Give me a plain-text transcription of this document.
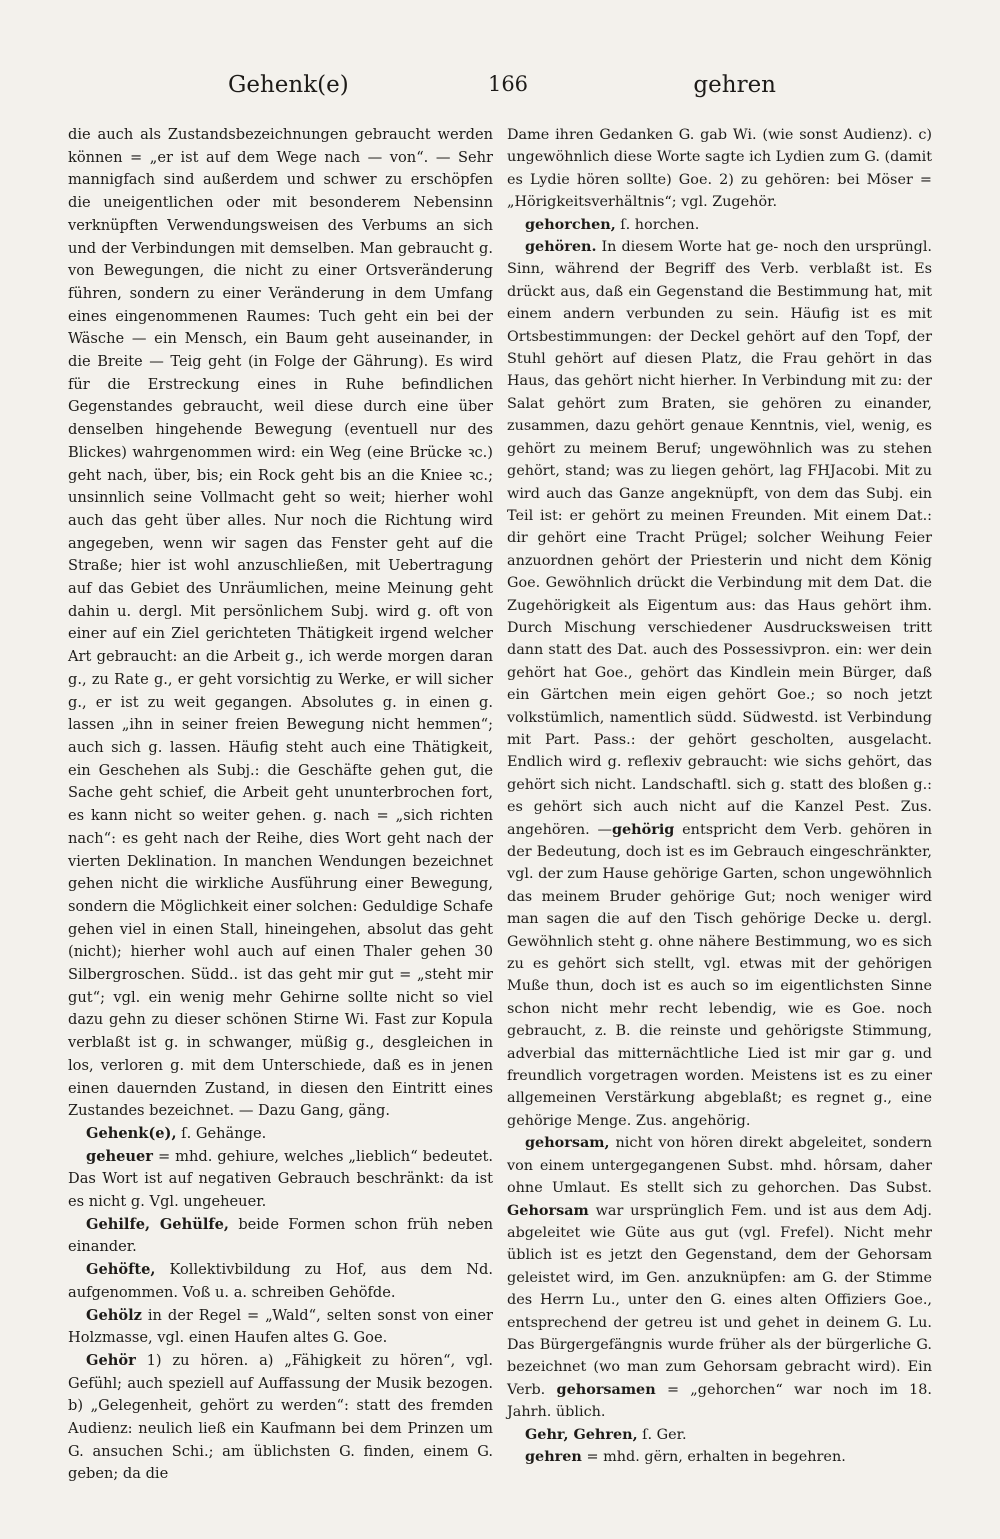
Gehenk(e)	166	gehren

die auch als Zustandsbezeichnungen gebraucht werden können = „er ist auf dem Wege nach — von“. — Sehr mannigfach sind außerdem und schwer zu erschöpfen die uneigentlichen oder mit besonderem Nebensinn verknüpften Verwendungsweisen des Verbums an sich und der Verbindungen mit demselben. Man gebraucht g. von Bewegungen, die nicht zu einer Ortsveränderung führen, sondern zu einer Veränderung in dem Umfang eines eingenommenen Raumes: Tuch geht ein bei der Wäsche — ein Mensch, ein Baum geht auseinander, in die Breite — Teig geht (in Folge der Gährung). Es wird für die Erstreckung eines in Ruhe befindlichen Gegenstandes gebraucht, weil diese durch eine über denselben hingehende Bewegung (eventuell nur des Blickes) wahrgenommen wird: ein Weg (eine Brücke ꝛc.) geht nach, über, bis; ein Rock geht bis an die Kniee ꝛc.; unsinnlich seine Vollmacht geht so weit; hierher wohl auch das geht über alles. Nur noch die Richtung wird angegeben, wenn wir sagen das Fenster geht auf die Straße; hier ist wohl anzuschließen, mit Uebertragung auf das Gebiet des Unräumlichen, meine Meinung geht dahin u. dergl. Mit persönlichem Subj. wird g. oft von einer auf ein Ziel gerichteten Thätigkeit irgend welcher Art gebraucht: an die Arbeit g., ich werde morgen daran g., zu Rate g., er geht vorsichtig zu Werke, er will sicher g., er ist zu weit gegangen. Absolutes g. in einen g. lassen „ihn in seiner freien Bewegung nicht hemmen“; auch sich g. lassen. Häufig steht auch eine Thätigkeit, ein Geschehen als Subj.: die Geschäfte gehen gut, die Sache geht schief, die Arbeit geht ununterbrochen fort, es kann nicht so weiter gehen. g. nach = „sich richten nach“: es geht nach der Reihe, dies Wort geht nach der vierten Deklination. In manchen Wendungen bezeichnet gehen nicht die wirkliche Ausführung einer Bewegung, sondern die Möglichkeit einer solchen: Geduldige Schafe gehen viel in einen Stall, hineingehen, absolut das geht (nicht); hierher wohl auch auf einen Thaler gehen 30 Silbergroschen. Südd.. ist das geht mir gut = „steht mir gut“; vgl. ein wenig mehr Gehirne sollte nicht so viel dazu gehn zu dieser schönen Stirne Wi. Fast zur Kopula verblaßt ist g. in schwanger, müßig g., desgleichen in los, verloren g. mit dem Unterschiede, daß es in jenen einen dauernden Zustand, in diesen den Eintritt eines Zustandes bezeichnet. — Dazu Gang, gäng.

Gehenk(e), ſ. Gehänge.

geheuer = mhd. gehiure, welches „lieblich“ bedeutet. Das Wort ist auf negativen Gebrauch beschränkt: da ist es nicht g. Vgl. ungeheuer.

Gehilfe, Gehülfe, beide Formen schon früh neben einander.

Gehöfte, Kollektivbildung zu Hof, aus dem Nd. aufgenommen. Voß u. a. schreiben Gehöfde.

Gehölz in der Regel = „Wald“, selten sonst von einer Holzmasse, vgl. einen Haufen altes G. Goe.

Gehör 1) zu hören. a) „Fähigkeit zu hören“, vgl. Gefühl; auch speziell auf Auffassung der Musik bezogen. b) „Gelegenheit, gehört zu werden“: statt des fremden Audienz: neulich ließ ein Kaufmann bei dem Prinzen um G. ansuchen Schi.; am üblichsten G. finden, einem G. geben; da die

Dame ihren Gedanken G. gab Wi. (wie sonst Audienz). c) ungewöhnlich diese Worte sagte ich Lydien zum G. (damit es Lydie hören sollte) Goe. 2) zu gehören: bei Möser = „Hörigkeitsverhältnis“; vgl. Zugehör.

gehorchen, ſ. horchen.

gehören. In diesem Worte hat ge- noch den ursprüngl. Sinn, während der Begriff des Verb. verblaßt ist. Es drückt aus, daß ein Gegenstand die Bestimmung hat, mit einem andern verbunden zu sein. Häufig ist es mit Ortsbestimmungen: der Deckel gehört auf den Topf, der Stuhl gehört auf diesen Platz, die Frau gehört in das Haus, das gehört nicht hierher. In Verbindung mit zu: der Salat gehört zum Braten, sie gehören zu einander, zusammen, dazu gehört genaue Kenntnis, viel, wenig, es gehört zu meinem Beruf; ungewöhnlich was zu stehen gehört, stand; was zu liegen gehört, lag FHJacobi. Mit zu wird auch das Ganze angeknüpft, von dem das Subj. ein Teil ist: er gehört zu meinen Freunden. Mit einem Dat.: dir gehört eine Tracht Prügel; solcher Weihung Feier anzuordnen gehört der Priesterin und nicht dem König Goe. Gewöhnlich drückt die Verbindung mit dem Dat. die Zugehörigkeit als Eigentum aus: das Haus gehört ihm. Durch Mischung verschiedener Ausdrucksweisen tritt dann statt des Dat. auch des Possessivpron. ein: wer dein gehört hat Goe., gehört das Kindlein mein Bürger, daß ein Gärtchen mein eigen gehört Goe.; so noch jetzt volkstümlich, namentlich südd. Südwestd. ist Verbindung mit Part. Pass.: der gehört gescholten, ausgelacht. Endlich wird g. reflexiv gebraucht: wie sichs gehört, das gehört sich nicht. Landschaftl. sich g. statt des bloßen g.: es gehört sich auch nicht auf die Kanzel Pest. Zus. angehören. —gehörig entspricht dem Verb. gehören in der Bedeutung, doch ist es im Gebrauch eingeschränkter, vgl. der zum Hause gehörige Garten, schon ungewöhnlich das meinem Bruder gehörige Gut; noch weniger wird man sagen die auf den Tisch gehörige Decke u. dergl. Gewöhnlich steht g. ohne nähere Bestimmung, wo es sich zu es gehört sich stellt, vgl. etwas mit der gehörigen Muße thun, doch ist es auch so im eigentlichsten Sinne schon nicht mehr recht lebendig, wie es Goe. noch gebraucht, z. B. die reinste und gehörigste Stimmung, adverbial das mitternächtliche Lied ist mir gar g. und freundlich vorgetragen worden. Meistens ist es zu einer allgemeinen Verstärkung abgeblaßt; es regnet g., eine gehörige Menge. Zus. angehörig.

gehorsam, nicht von hören direkt abgeleitet, sondern von einem untergegangenen Subst. mhd. hôrsam, daher ohne Umlaut. Es stellt sich zu gehorchen. Das Subst. Gehorsam war ursprünglich Fem. und ist aus dem Adj. abgeleitet wie Güte aus gut (vgl. Frefel). Nicht mehr üblich ist es jetzt den Gegenstand, dem der Gehorsam geleistet wird, im Gen. anzuknüpfen: am G. der Stimme des Herrn Lu., unter den G. eines alten Offiziers Goe., entsprechend der getreu ist und gehet in deinem G. Lu. Das Bürgergefängnis wurde früher als der bürgerliche G. bezeichnet (wo man zum Gehorsam gebracht wird). Ein Verb. gehorsamen = „gehorchen“ war noch im 18. Jahrh. üblich.

Gehr, Gehren, ſ. Ger.

gehren = mhd. gërn, erhalten in begehren.
